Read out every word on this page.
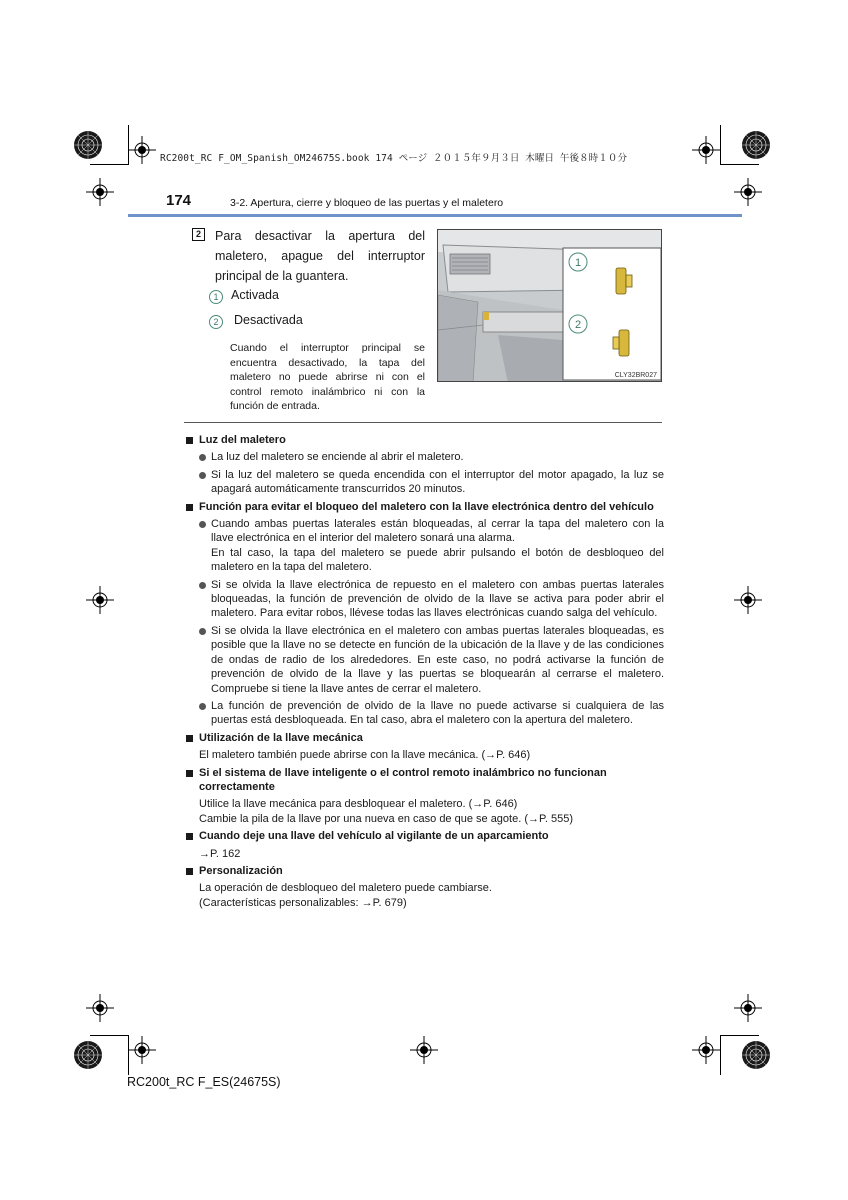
RC200t_RC F_OM_Spanish_OM24675S.book 174 ページ ２０１５年９月３日 木曜日 午後８時１０分
174	3-2. Apertura, cierre y bloqueo de las puertas y el maletero
2	Para desactivar la apertura del maletero, apague del interruptor principal de la guantera.
1	Activada
2	Desactivada
Cuando el interruptor principal se encuentra desactivado, la tapa del maletero no puede abrirse ni con el control remoto inalámbrico ni con la función de entrada.
1
2
CLY32BR027
Luz del maletero
La luz del maletero se enciende al abrir el maletero.
Si la luz del maletero se queda encendida con el interruptor del motor apagado, la luz se apagará automáticamente transcurridos 20 minutos.
Función para evitar el bloqueo del maletero con la llave electrónica dentro del vehículo
Cuando ambas puertas laterales están bloqueadas, al cerrar la tapa del maletero con la llave electrónica en el interior del maletero sonará una alarma.
En tal caso, la tapa del maletero se puede abrir pulsando el botón de desbloqueo del maletero en la tapa del maletero.
Si se olvida la llave electrónica de repuesto en el maletero con ambas puertas laterales bloqueadas, la función de prevención de olvido de la llave se activa para poder abrir el maletero. Para evitar robos, llévese todas las llaves electrónicas cuando salga del vehículo.
Si se olvida la llave electrónica en el maletero con ambas puertas laterales bloqueadas, es posible que la llave no se detecte en función de la ubicación de la llave y de las condiciones de ondas de radio de los alrededores. En este caso, no podrá activarse la función de prevención de olvido de la llave y las puertas se bloquearán al cerrarse el maletero. Compruebe si tiene la llave antes de cerrar el maletero.
La función de prevención de olvido de la llave no puede activarse si cualquiera de las puertas está desbloqueada. En tal caso, abra el maletero con la apertura del maletero.
Utilización de la llave mecánica
El maletero también puede abrirse con la llave mecánica. (→P. 646)
Si el sistema de llave inteligente o el control remoto inalámbrico no funcionan correctamente
Utilice la llave mecánica para desbloquear el maletero. (→P. 646)
Cambie la pila de la llave por una nueva en caso de que se agote. (→P. 555)
Cuando deje una llave del vehículo al vigilante de un aparcamiento
→P. 162
Personalización
La operación de desbloqueo del maletero puede cambiarse.
(Características personalizables: →P. 679)
RC200t_RC F_ES(24675S)
